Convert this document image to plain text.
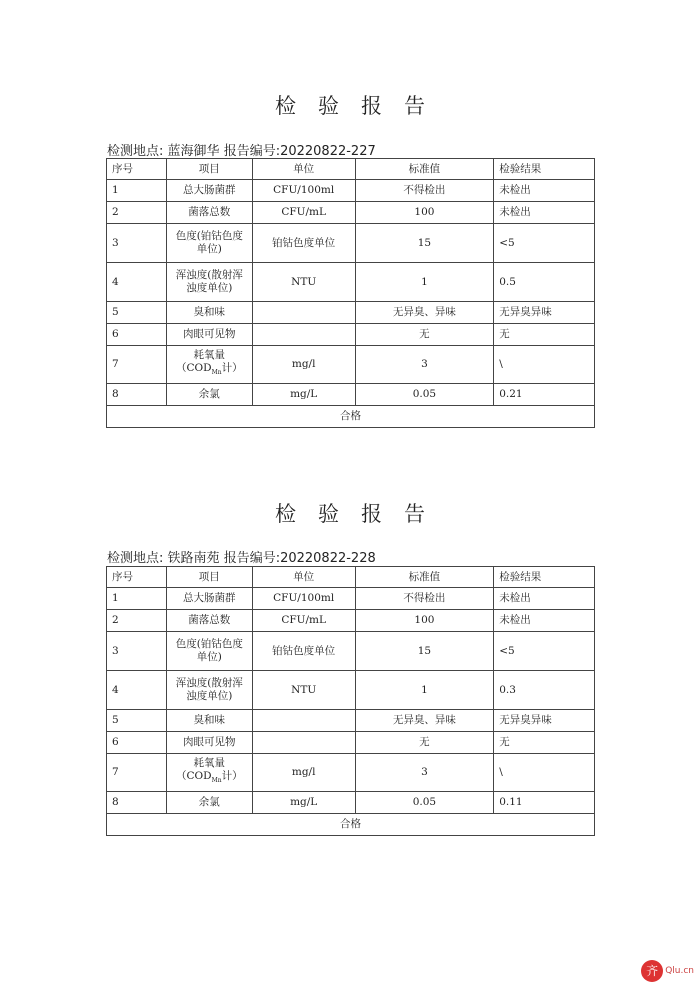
检验报告
检测地点: 蓝海御华 报告编号:20220822-227
序号	项目	单位	标准值	检验结果
1	总大肠菌群	CFU/100ml	不得检出	未检出
2	菌落总数	CFU/mL	100	未检出
3	色度(铂钴色度单位)	铂钴色度单位	15	<5
4	浑浊度(散射浑浊度单位)	NTU	1	0.5
5	臭和味		无异臭、异味	无异臭异味
6	肉眼可见物		无	无
7	耗氧量（$COD_{Mn}$计）	mg/l	3	\
8	余氯	mg/L	0.05	0.21
合格				
检验报告
检测地点: 铁路南苑 报告编号:20220822-228
序号	项目	单位	标准值	检验结果
1	总大肠菌群	CFU/100ml	不得检出	未检出
2	菌落总数	CFU/mL	100	未检出
3	色度(铂钴色度单位)	铂钴色度单位	15	<5
4	浑浊度(散射浑浊度单位)	NTU	1	0.3
5	臭和味		无异臭、异味	无异臭异味
6	肉眼可见物		无	无
7	耗氧量（$COD_{Mn}$计）	mg/l	3	\
8	余氯	mg/L	0.05	0.11
合格				
齐 Qlu.cn
